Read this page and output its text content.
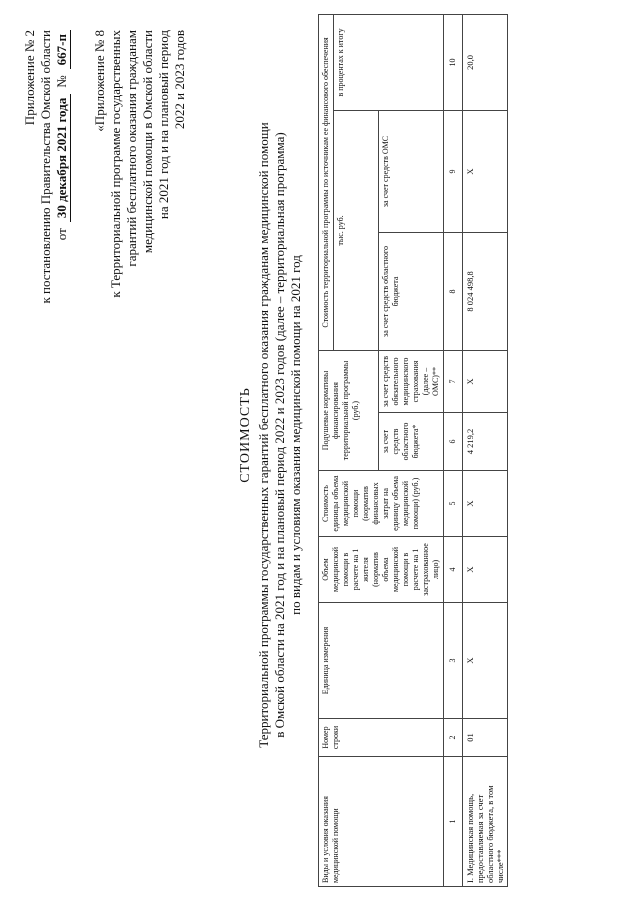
Приложение № 2 к постановлению Правительства Омской области от
30 декабря 2021 года
№
667-п «Приложение № 8 к Территориальной программе государственных гарантий бесплатного оказания гражданам медицинской помощи в Омской области на 2021 год и на плановый период 2022 и 2023 годов
СТОИМОСТЬ Территориальной программы государственных гарантий бесплатного оказания гражданам медицинской помощи в Омской области на 2021 год и на плановый период 2022 и 2023 годов (далее – территориальная программа) по видам и условиям оказания медицинской помощи на 2021 год
Виды и условия оказания медицинской помощи	Номер строки	Единица измерения	Объем медицинской помощи в расчете на 1 жителя (норматив объема медицинской помощи в расчете на 1 застрахованное лицо)	Стоимость единицы объема медицинской помощи (норматив финансовых затрат на единицу объема медицинской помощи) (руб.)	Подушевые нормативы финансирования территориальной программы (руб.)		Стоимость территориальной программы по источникам ее финансового обеспечения		
							тыс. руб.		в процентах к итогу
					за счет средств областного бюджета*	за счет средств обязательного медицинского страхования (далее – ОМС)**	за счет средств областного бюджета	за счет средств ОМС	
1	2	3	4	5	6	7	8	9	10
I. Медицинская помощь, предоставляемая за счет областного бюджета, в том числе***	01	Х	Х	Х	4 219,2	Х	8 024 498,8	Х	20,0
